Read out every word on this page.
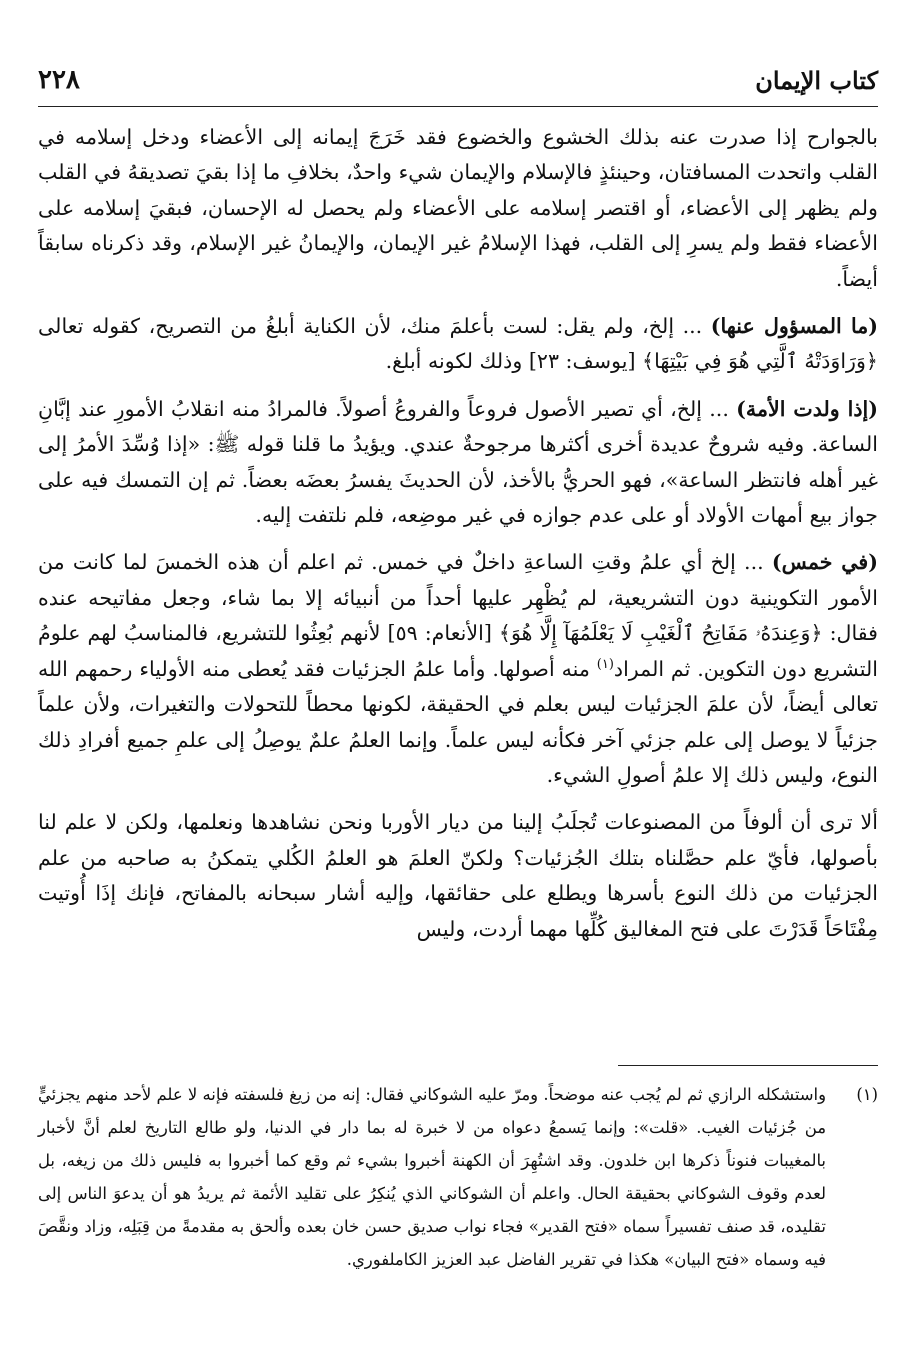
كتاب الإيمان
٢٢٨

بالجوارح إذا صدرت عنه بذلك الخشوع والخضوع فقد خَرَجَ إيمانه إلى الأعضاء ودخل إسلامه في القلب واتحدت المسافتان، وحينئذٍ فالإسلام والإيمان شيء واحدٌ، بخلافِ ما إذا بقيَ تصديقهُ في القلب ولم يظهر إلى الأعضاء، أو اقتصر إسلامه على الأعضاء ولم يحصل له الإحسان، فبقيَ إسلامه على الأعضاء فقط ولم يسرِ إلى القلب، فهذا الإسلامُ غير الإيمان، والإيمانُ غير الإسلام، وقد ذكرناه سابقاً أيضاً.

(ما المسؤول عنها) ... إلخ، ولم يقل: لست بأعلمَ منك، لأن الكناية أبلغُ من التصريح، كقوله تعالى ﴿وَرَاوَدَتْهُ ٱلَّتِي هُوَ فِي بَيْتِهَا﴾ [يوسف: ٢٣] وذلك لكونه أبلغ.

(إذا ولدت الأمة) ... إلخ، أي تصير الأصول فروعاً والفروعُ أصولاً. فالمرادُ منه انقلابُ الأمورِ عند إبَّانِ الساعة. وفيه شروحٌ عديدة أخرى أكثرها مرجوحةٌ عندي. ويؤيدُ ما قلنا قوله ﷺ: «إذا وُسِّدَ الأمرُ إلى غير أهله فانتظر الساعة»، فهو الحريُّ بالأخذ، لأن الحديثَ يفسرُ بعضَه بعضاً. ثم إن التمسك فيه على جواز بيع أمهات الأولاد أو على عدم جوازه في غير موضِعه، فلم نلتفت إليه.

(في خمس) ... إلخ أي علمُ وقتِ الساعةِ داخلٌ في خمس. ثم اعلم أن هذه الخمسَ لما كانت من الأمور التكوينية دون التشريعية، لم يُظْهِر عليها أحداً من أنبيائه إلا بما شاء، وجعل مفاتيحه عنده فقال: ﴿وَعِندَهُۥ مَفَاتِحُ ٱلْغَيْبِ لَا يَعْلَمُهَآ إِلَّا هُوَ﴾ [الأنعام: ٥٩] لأنهم بُعِثُوا للتشريع، فالمناسبُ لهم علومُ التشريع دون التكوين. ثم المراد$^{(١)}$ منه أصولها. وأما علمُ الجزئيات فقد يُعطى منه الأولياء رحمهم الله تعالى أيضاً، لأن علمَ الجزئيات ليس بعلم في الحقيقة، لكونها محطاً للتحولات والتغيرات، ولأن علماً جزئياً لا يوصل إلى علم جزئي آخر فكأنه ليس علماً. وإنما العلمُ علمٌ يوصِلُ إلى علمِ جميع أفرادِ ذلك النوع، وليس ذلك إلا علمُ أصولِ الشيء.

ألا ترى أن ألوفاً من المصنوعات تُجلَبُ إلينا من ديار الأوربا ونحن نشاهدها ونعلمها، ولكن لا علم لنا بأصولها، فأيّ علم حصَّلناه بتلك الجُزئيات؟ ولكنّ العلمَ هو العلمُ الكُلي يتمكنُ به صاحبه من علم الجزئيات من ذلك النوع بأسرها ويطلع على حقائقها، وإليه أشار سبحانه بالمفاتح، فإنك إذَا أُوتيت مِفْتَاحَاً قَدَرْتَ على فتح المغاليق كُلِّها مهما أردت، وليس

(١)
واستشكله الرازي ثم لم يُجب عنه موضحاً. ومرّ عليه الشوكاني فقال: إنه من زيغ فلسفته فإنه لا علم لأحد منهم يجزئيٍّ من جُزئيات الغيب. «قلت»: وإنما يَسمعُ دعواه من لا خبرة له بما دار في الدنيا، ولو طالع التاريخ لعلم أنَّ لأخبار بالمغيبات فنوناً ذكرها ابن خلدون. وقد اشتُهِرَ أن الكهنة أخبروا بشيء ثم وقع كما أخبروا به فليس ذلك من زيغه، بل لعدم وقوف الشوكاني بحقيقة الحال. واعلم أن الشوكاني الذي يُنكِرُ على تقليد الأئمة ثم يريدُ هو أن يدعوَ الناس إلى تقليده، قد صنف تفسيراً سماه «فتح القدير» فجاء نواب صديق حسن خان بعده وألحق به مقدمةً من قِبَلِه، وزاد ونقَّصَ فيه وسماه «فتح البيان» هكذا في تقرير الفاضل عبد العزيز الكاملفوري.
